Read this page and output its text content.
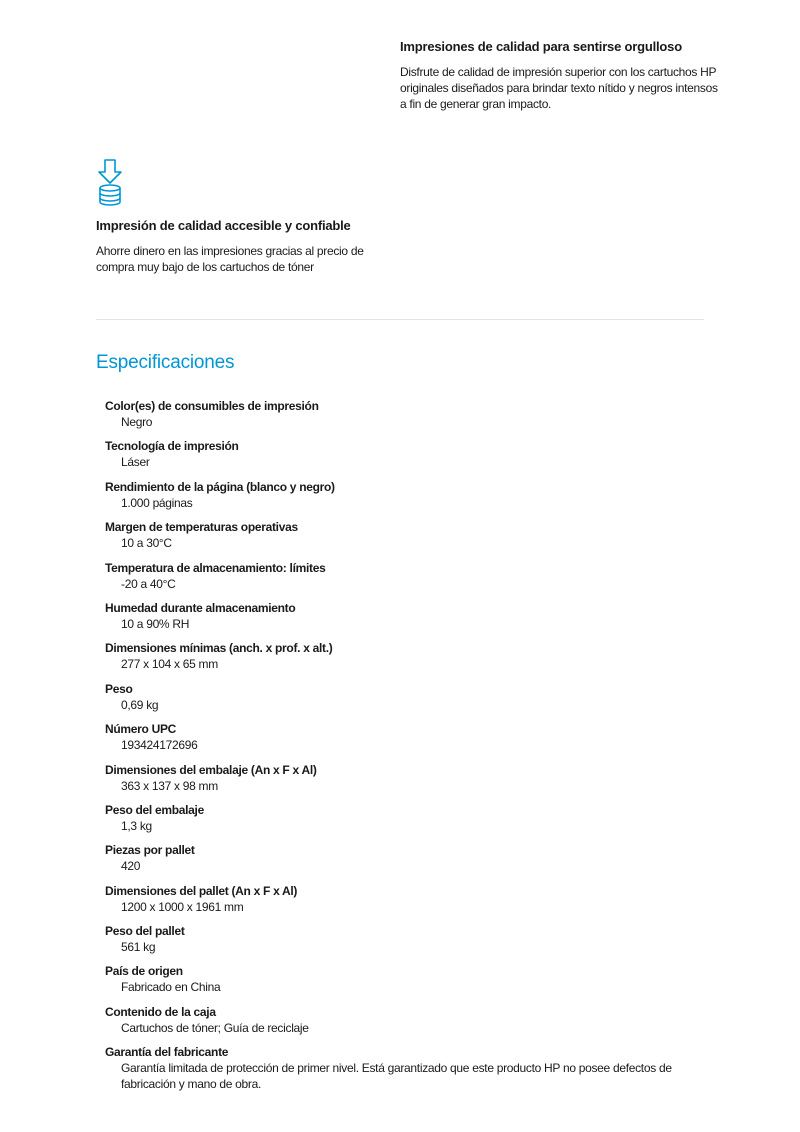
Impresiones de calidad para sentirse orgulloso

Disfrute de calidad de impresión superior con los cartuchos HP originales diseñados para brindar texto nítido y negros intensos a fin de generar gran impacto.

Impresión de calidad accesible y confiable

Ahorre dinero en las impresiones gracias al precio de compra muy bajo de los cartuchos de tóner

Especificaciones
Color(es) de consumibles de impresión
Negro
Tecnología de impresión
Láser
Rendimiento de la página (blanco y negro)
1.000 páginas
Margen de temperaturas operativas
10 a 30°C
Temperatura de almacenamiento: límites
-20 a 40°C
Humedad durante almacenamiento
10 a 90% RH
Dimensiones mínimas (anch. x prof. x alt.)
277 x 104 x 65 mm
Peso
0,69 kg
Número UPC
193424172696
Dimensiones del embalaje (An x F x Al)
363 x 137 x 98 mm
Peso del embalaje
1,3 kg
Piezas por pallet
420
Dimensiones del pallet (An x F x Al)
1200 x 1000 x 1961 mm
Peso del pallet
561 kg
País de origen
Fabricado en China
Contenido de la caja
Cartuchos de tóner; Guía de reciclaje
Garantía del fabricante
Garantía limitada de protección de primer nivel. Está garantizado que este producto HP no posee defectos de fabricación y mano de obra.
